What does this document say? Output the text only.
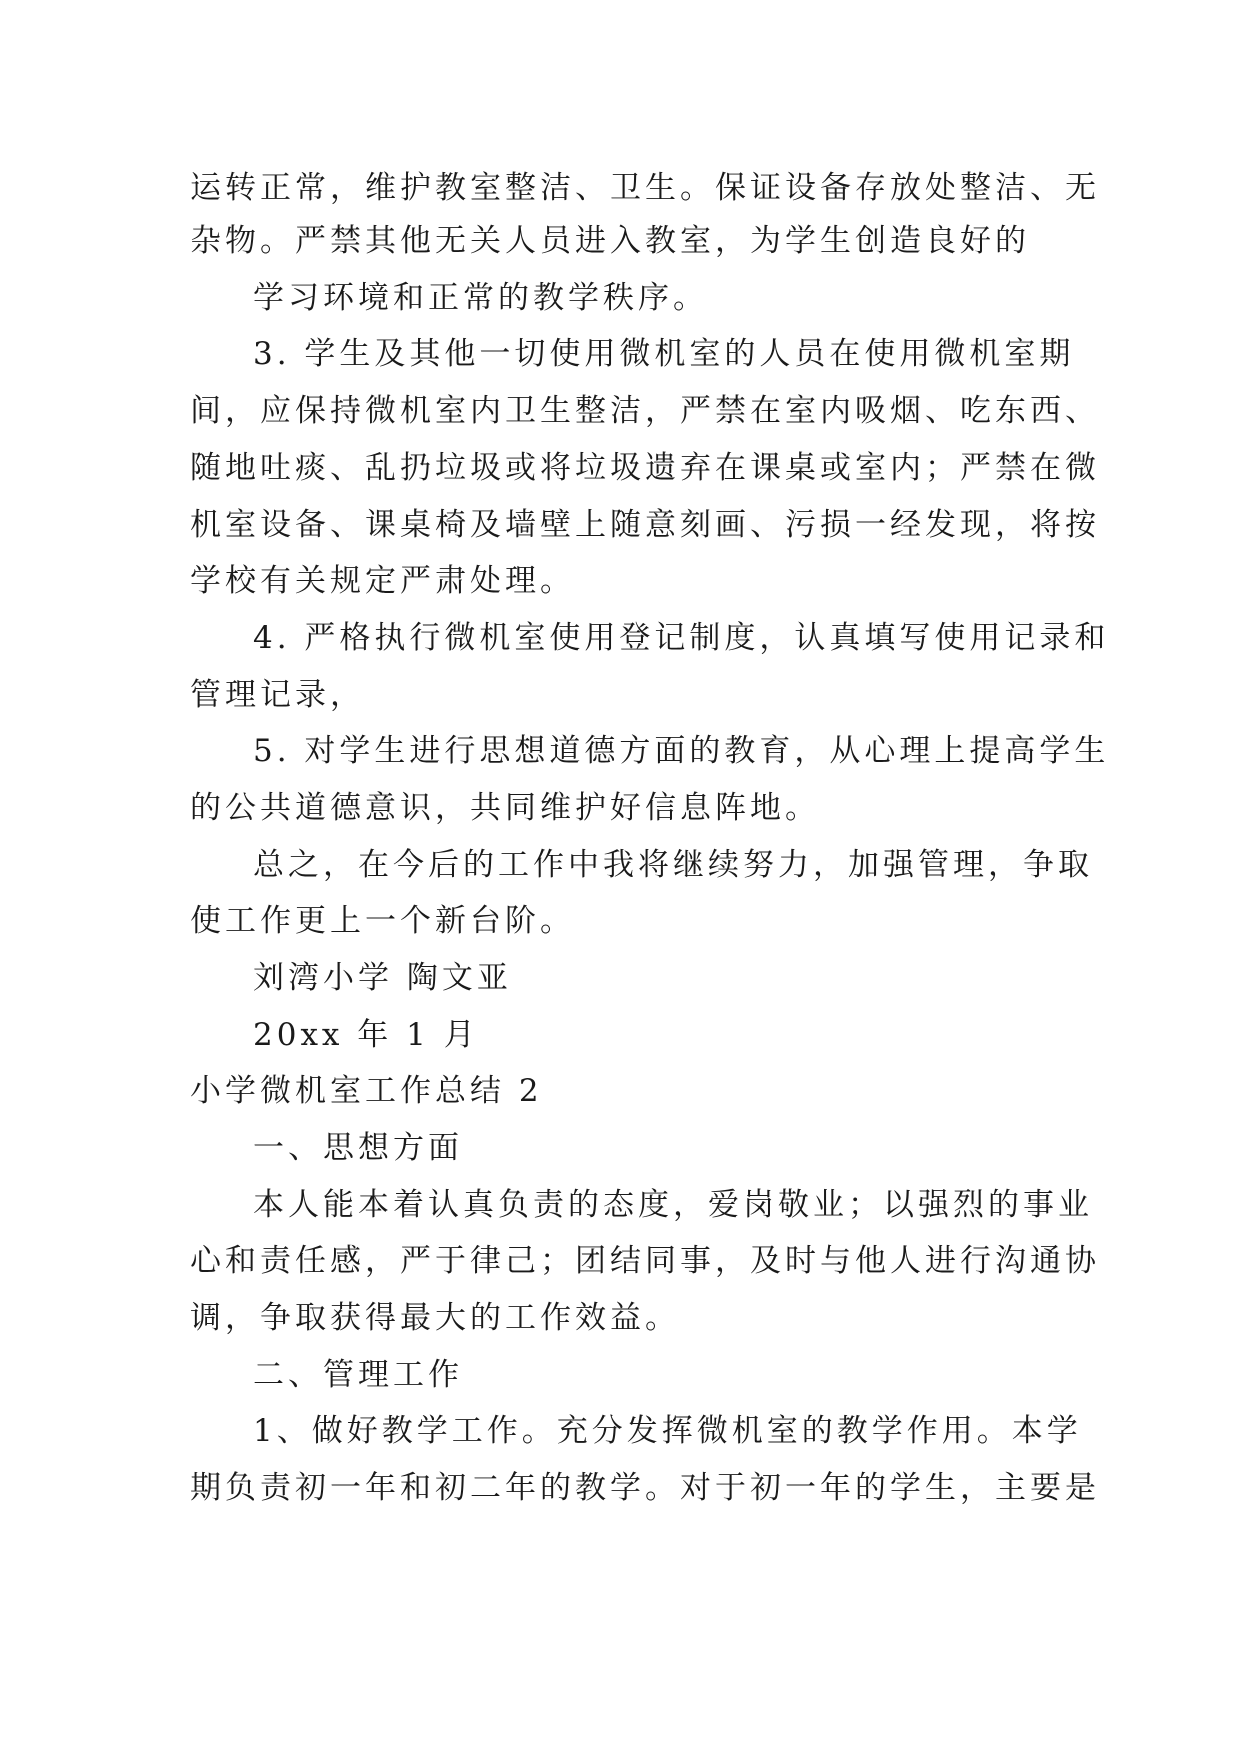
运转正常，维护教室整洁、卫生。保证设备存放处整洁、无
杂物。严禁其他无关人员进入教室，为学生创造良好的
学习环境和正常的教学秩序。
3. 学生及其他一切使用微机室的人员在使用微机室期
间，应保持微机室内卫生整洁，严禁在室内吸烟、吃东西、
随地吐痰、乱扔垃圾或将垃圾遗弃在课桌或室内；严禁在微
机室设备、课桌椅及墙壁上随意刻画、污损一经发现，将按
学校有关规定严肃处理。
4. 严格执行微机室使用登记制度，认真填写使用记录和
管理记录，
5. 对学生进行思想道德方面的教育，从心理上提高学生
的公共道德意识，共同维护好信息阵地。
总之，在今后的工作中我将继续努力，加强管理，争取
使工作更上一个新台阶。
刘湾小学 陶文亚
20xx 年 1 月
小学微机室工作总结 2
一、思想方面
本人能本着认真负责的态度，爱岗敬业；以强烈的事业
心和责任感，严于律己；团结同事，及时与他人进行沟通协
调，争取获得最大的工作效益。
二、管理工作
1、做好教学工作。充分发挥微机室的教学作用。本学
期负责初一年和初二年的教学。对于初一年的学生，主要是
